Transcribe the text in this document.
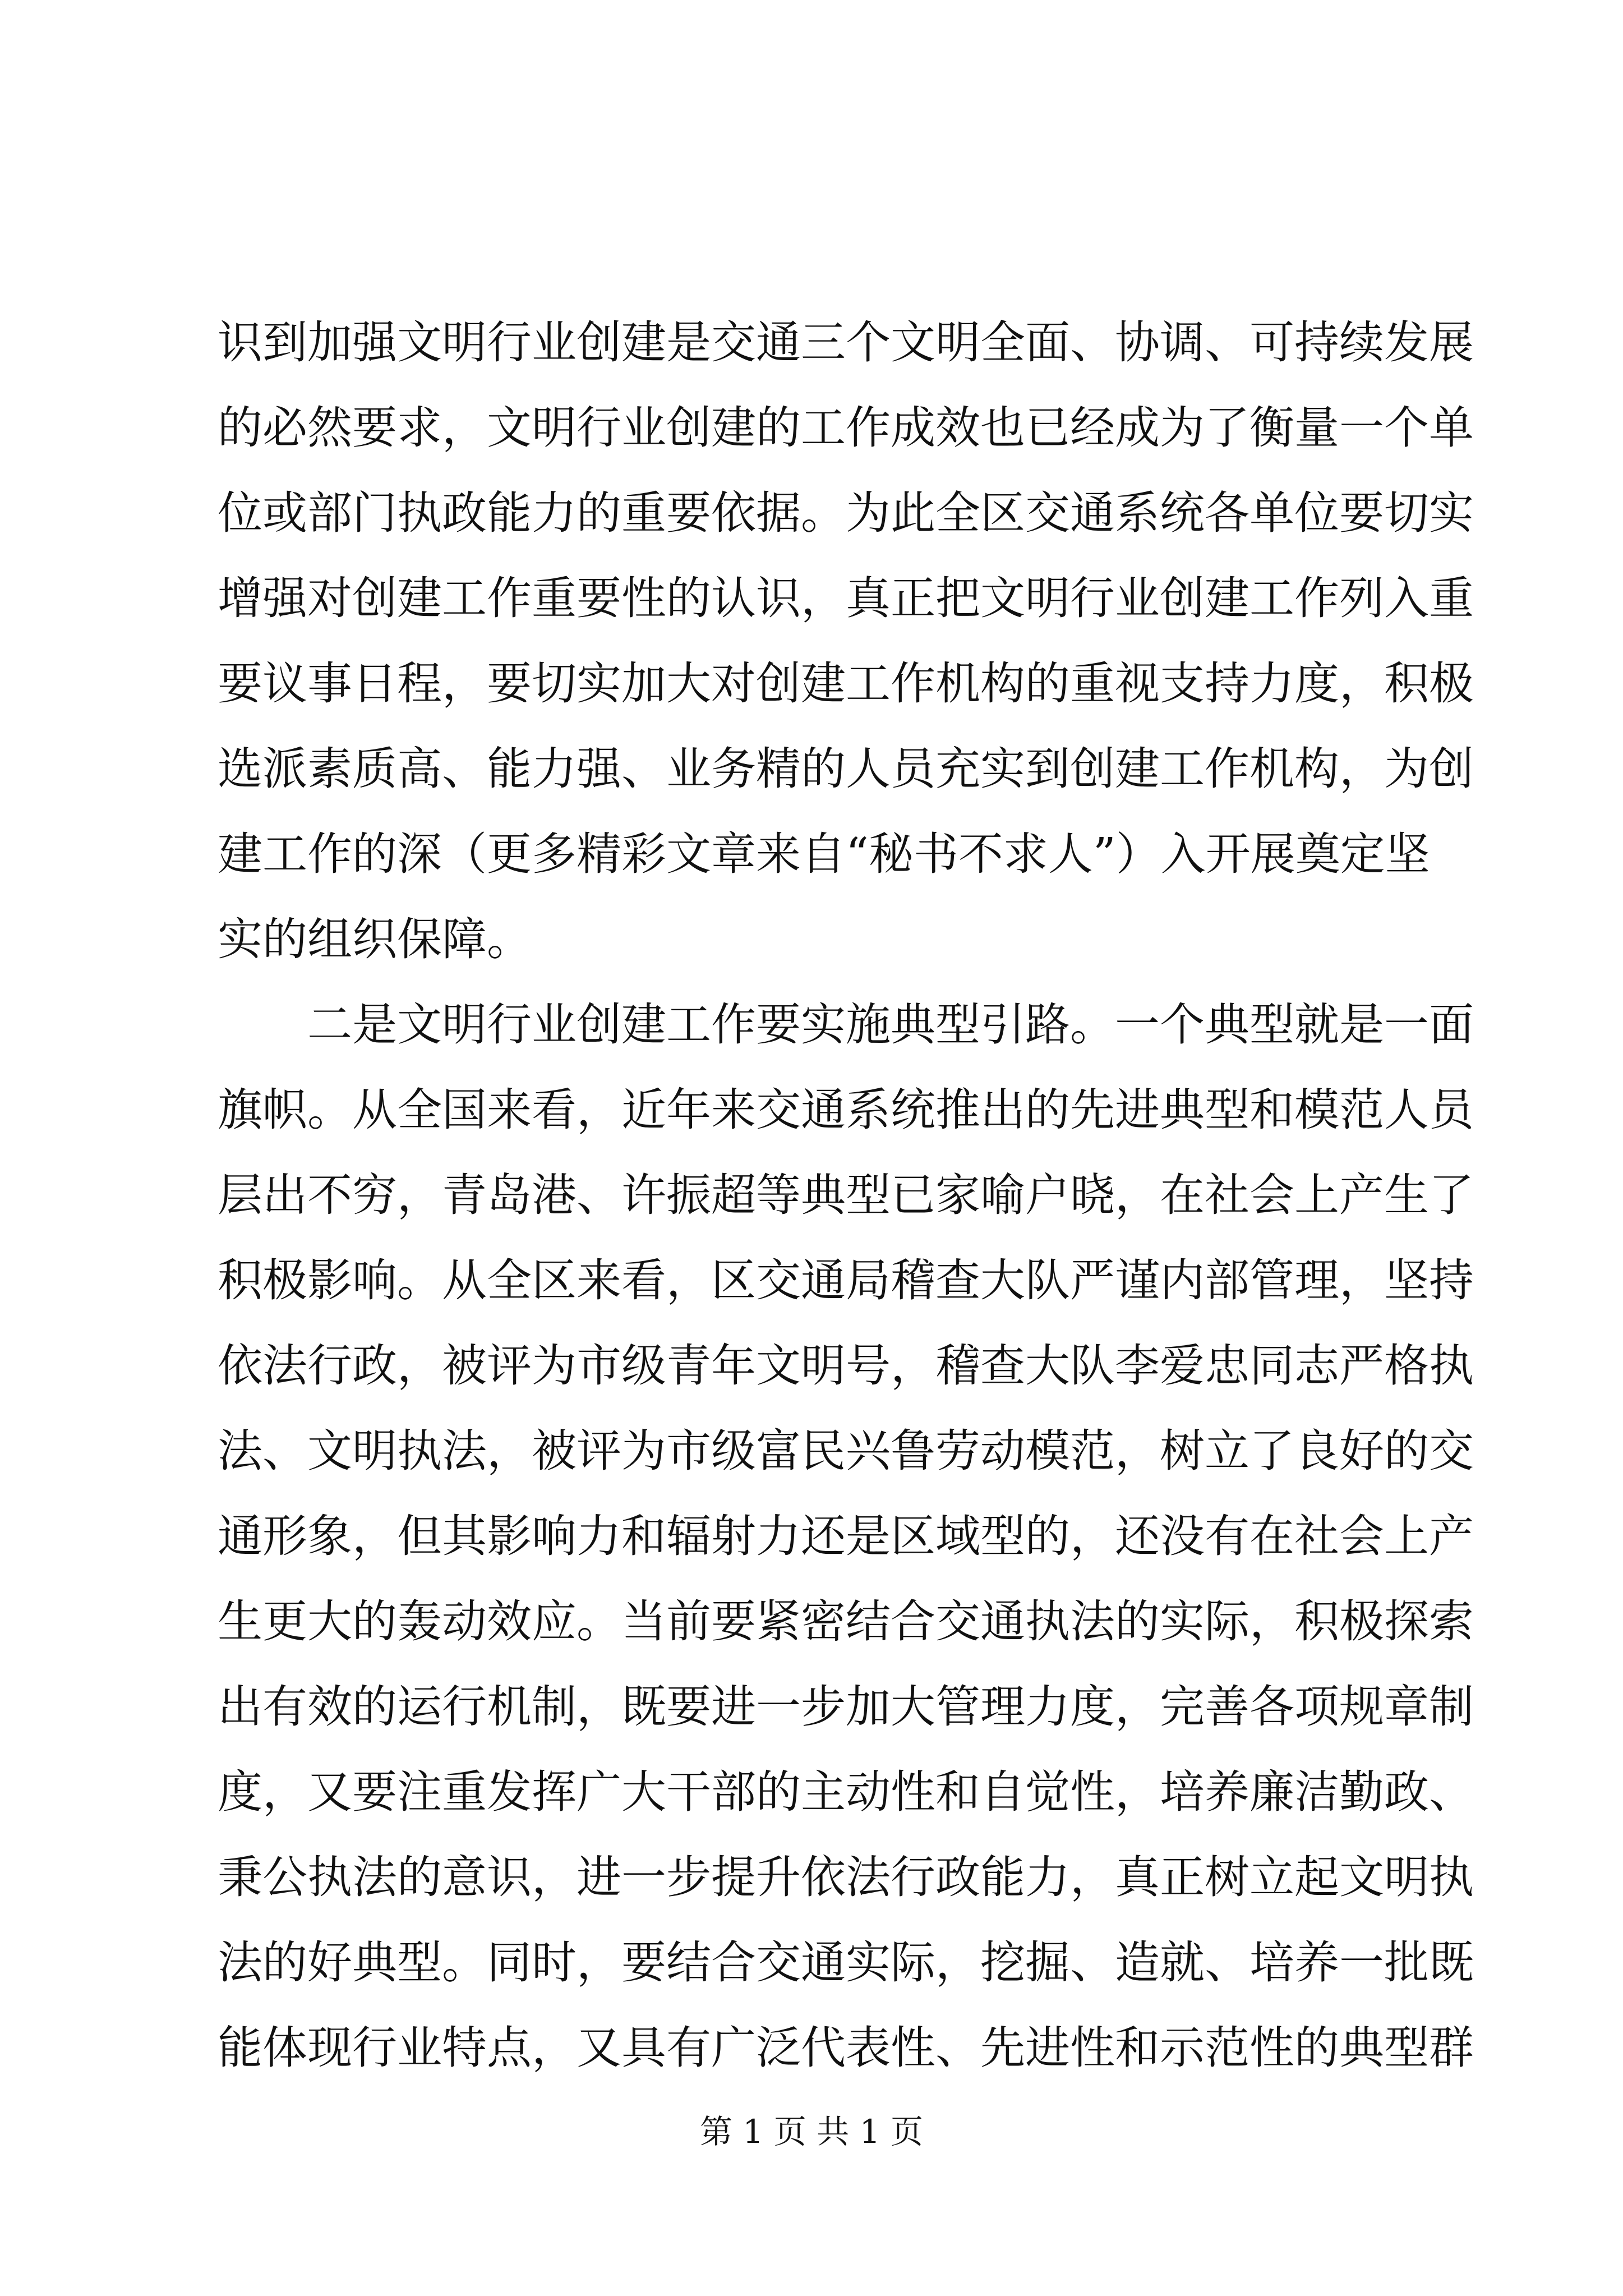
识到加强文明行业创建是交通三个文明全面、协调、可持续发展
的必然要求，文明行业创建的工作成效也已经成为了衡量一个单
位或部门执政能力的重要依据。为此全区交通系统各单位要切实
增强对创建工作重要性的认识，真正把文明行业创建工作列入重
要议事日程，要切实加大对创建工作机构的重视支持力度，积极
选派素质高、能力强、业务精的人员充实到创建工作机构，为创
建工作的深（更多精彩文章来自“秘书不求人”）入开展奠定坚
实的组织保障。
二是文明行业创建工作要实施典型引路。一个典型就是一面
旗帜。从全国来看，近年来交通系统推出的先进典型和模范人员
层出不穷，青岛港、许振超等典型已家喻户晓，在社会上产生了
积极影响。从全区来看，区交通局稽查大队严谨内部管理，坚持
依法行政，被评为市级青年文明号，稽查大队李爱忠同志严格执
法、文明执法，被评为市级富民兴鲁劳动模范，树立了良好的交
通形象，但其影响力和辐射力还是区域型的，还没有在社会上产
生更大的轰动效应。当前要紧密结合交通执法的实际，积极探索
出有效的运行机制，既要进一步加大管理力度，完善各项规章制
度，又要注重发挥广大干部的主动性和自觉性，培养廉洁勤政、
秉公执法的意识，进一步提升依法行政能力，真正树立起文明执
法的好典型。同时，要结合交通实际，挖掘、造就、培养一批既
能体现行业特点，又具有广泛代表性、先进性和示范性的典型群
第 1 页 共 1 页
